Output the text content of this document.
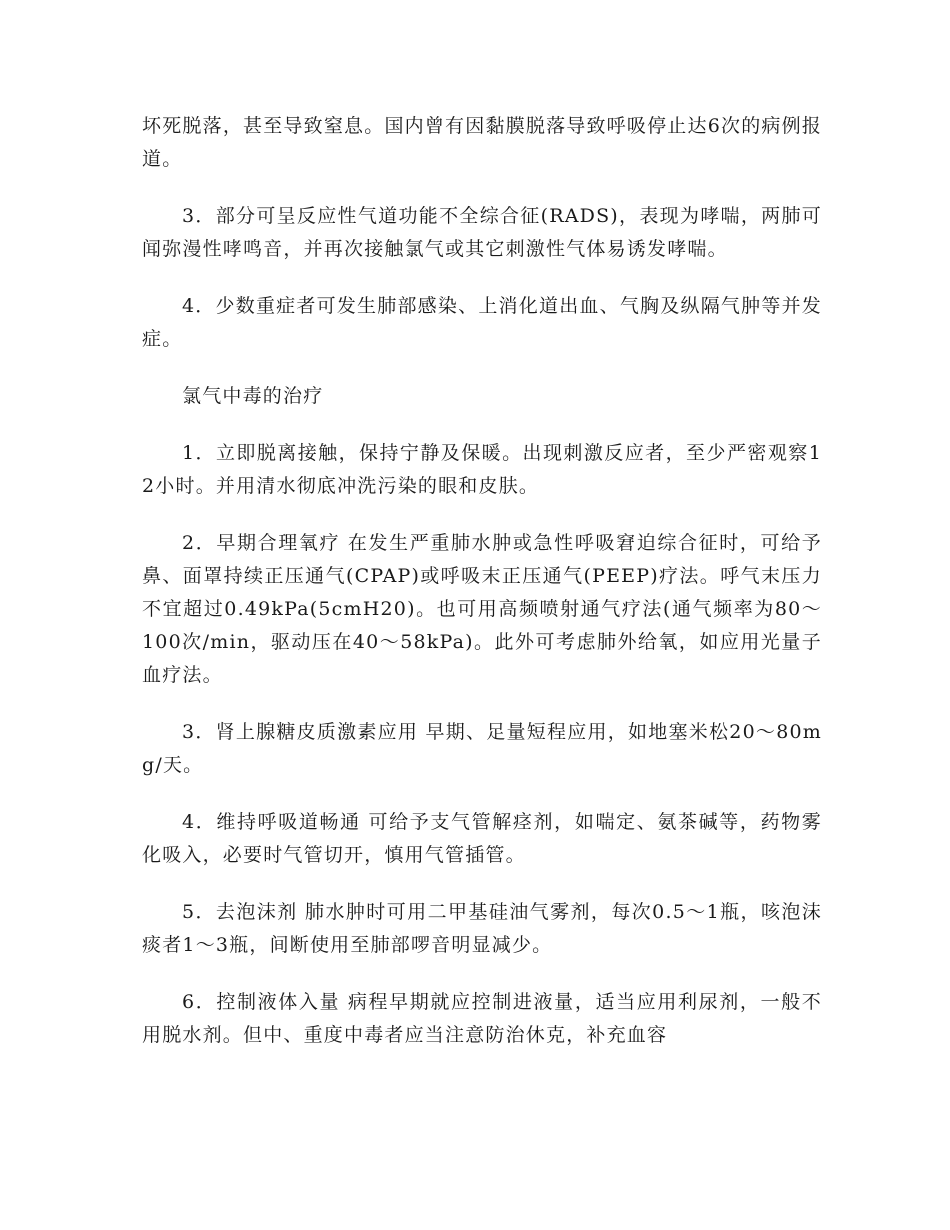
坏死脱落，甚至导致窒息。国内曾有因黏膜脱落导致呼吸停止达6次的病例报道。

3．部分可呈反应性气道功能不全综合征(RADS)，表现为哮喘，两肺可闻弥漫性哮鸣音，并再次接触氯气或其它刺激性气体易诱发哮喘。

4．少数重症者可发生肺部感染、上消化道出血、气胸及纵隔气肿等并发症。

氯气中毒的治疗

1．立即脱离接触，保持宁静及保暖。出现刺激反应者，至少严密观察12小时。并用清水彻底冲洗污染的眼和皮肤。

2．早期合理氧疗 在发生严重肺水肿或急性呼吸窘迫综合征时，可给予鼻、面罩持续正压通气(CPAP)或呼吸末正压通气(PEEP)疗法。呼气末压力不宜超过0.49kPa(5cmH20)。也可用高频喷射通气疗法(通气频率为80～100次/min，驱动压在40～58kPa)。此外可考虑肺外给氧，如应用光量子血疗法。

3．肾上腺糖皮质激素应用 早期、足量短程应用，如地塞米松20～80mg/天。

4．维持呼吸道畅通 可给予支气管解痉剂，如喘定、氨茶碱等，药物雾化吸入，必要时气管切开，慎用气管插管。

5．去泡沫剂 肺水肿时可用二甲基硅油气雾剂，每次0.5～1瓶，咳泡沫痰者1～3瓶，间断使用至肺部啰音明显减少。

6．控制液体入量 病程早期就应控制进液量，适当应用利尿剂，一般不用脱水剂。但中、重度中毒者应当注意防治休克，补充血容
